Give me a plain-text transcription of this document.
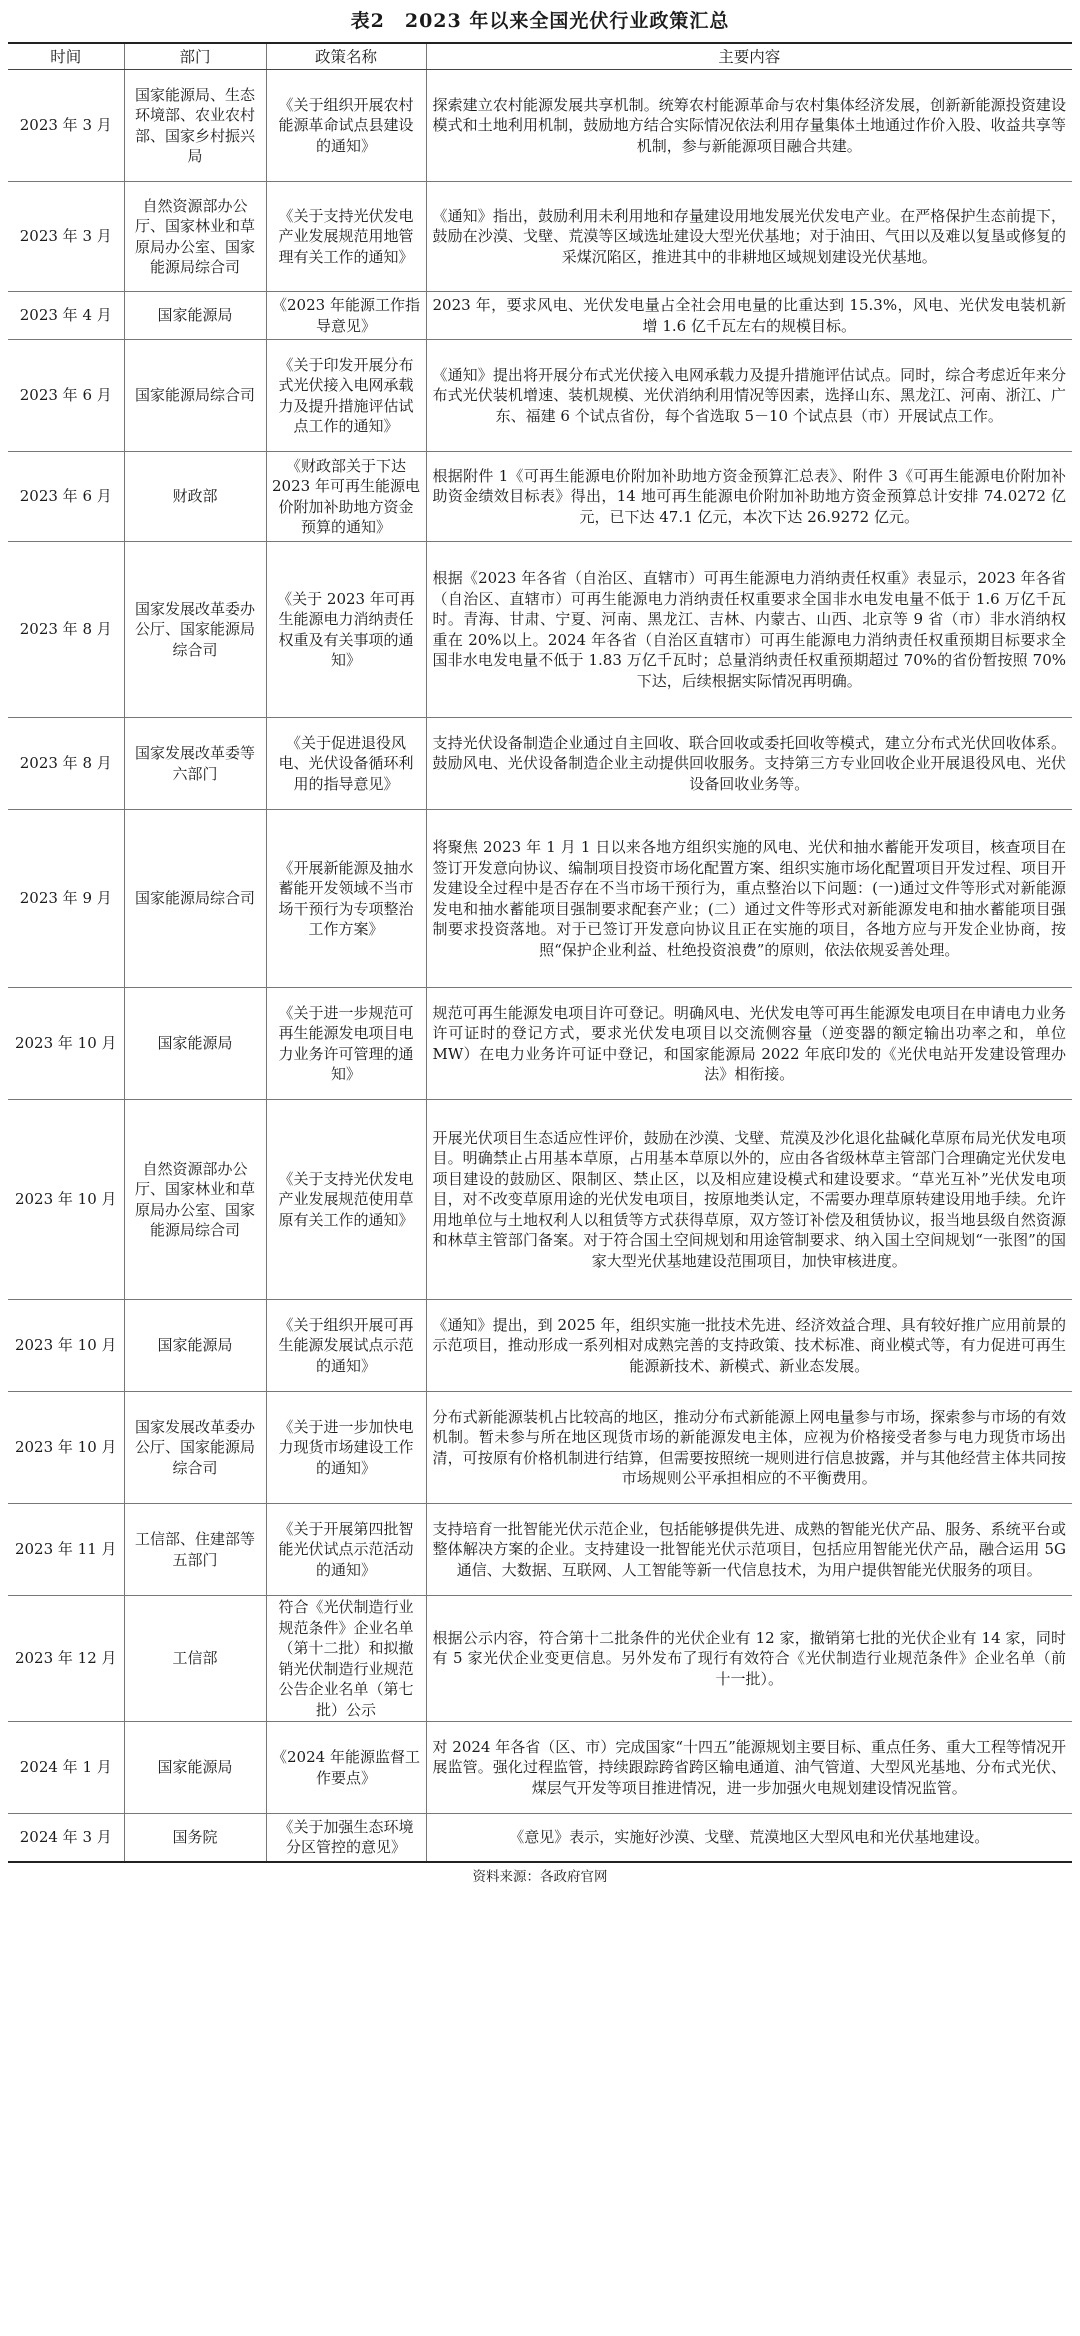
表2　2023 年以来全国光伏行业政策汇总
时间	部门	政策名称	主要内容
2023 年 3 月	国家能源局、生态环境部、农业农村部、国家乡村振兴局	《关于组织开展农村能源革命试点县建设的通知》	探索建立农村能源发展共享机制。统筹农村能源革命与农村集体经济发展，创新新能源投资建设模式和土地利用机制，鼓励地方结合实际情况依法利用存量集体土地通过作价入股、收益共享等机制，参与新能源项目融合共建。
2023 年 3 月	自然资源部办公厅、国家林业和草原局办公室、国家能源局综合司	《关于支持光伏发电产业发展规范用地管理有关工作的通知》	《通知》指出，鼓励利用未利用地和存量建设用地发展光伏发电产业。在严格保护生态前提下，鼓励在沙漠、戈壁、荒漠等区域选址建设大型光伏基地；对于油田、气田以及难以复垦或修复的采煤沉陷区，推进其中的非耕地区域规划建设光伏基地。
2023 年 4 月	国家能源局	《2023 年能源工作指导意见》	2023 年，要求风电、光伏发电量占全社会用电量的比重达到 15.3%，风电、光伏发电装机新增 1.6 亿千瓦左右的规模目标。
2023 年 6 月	国家能源局综合司	《关于印发开展分布式光伏接入电网承载力及提升措施评估试点工作的通知》	《通知》提出将开展分布式光伏接入电网承载力及提升措施评估试点。同时，综合考虑近年来分布式光伏装机增速、装机规模、光伏消纳利用情况等因素，选择山东、黑龙江、河南、浙江、广东、福建 6 个试点省份，每个省选取 5－10 个试点县（市）开展试点工作。
2023 年 6 月	财政部	《财政部关于下达 2023 年可再生能源电价附加补助地方资金预算的通知》	根据附件 1《可再生能源电价附加补助地方资金预算汇总表》、附件 3《可再生能源电价附加补助资金绩效目标表》得出，14 地可再生能源电价附加补助地方资金预算总计安排 74.0272 亿元，已下达 47.1 亿元，本次下达 26.9272 亿元。
2023 年 8 月	国家发展改革委办公厅、国家能源局综合司	《关于 2023 年可再生能源电力消纳责任权重及有关事项的通知》	根据《2023 年各省（自治区、直辖市）可再生能源电力消纳责任权重》表显示，2023 年各省（自治区、直辖市）可再生能源电力消纳责任权重要求全国非水电发电量不低于 1.6 万亿千瓦时。青海、甘肃、宁夏、河南、黑龙江、吉林、内蒙古、山西、北京等 9 省（市）非水消纳权重在 20%以上。2024 年各省（自治区直辖市）可再生能源电力消纳责任权重预期目标要求全国非水电发电量不低于 1.83 万亿千瓦时；总量消纳责任权重预期超过 70%的省份暂按照 70%下达，后续根据实际情况再明确。
2023 年 8 月	国家发展改革委等六部门	《关于促进退役风电、光伏设备循环利用的指导意见》	支持光伏设备制造企业通过自主回收、联合回收或委托回收等模式，建立分布式光伏回收体系。鼓励风电、光伏设备制造企业主动提供回收服务。支持第三方专业回收企业开展退役风电、光伏设备回收业务等。
2023 年 9 月	国家能源局综合司	《开展新能源及抽水蓄能开发领域不当市场干预行为专项整治工作方案》	将聚焦 2023 年 1 月 1 日以来各地方组织实施的风电、光伏和抽水蓄能开发项目，核查项目在签订开发意向协议、编制项目投资市场化配置方案、组织实施市场化配置项目开发过程、项目开发建设全过程中是否存在不当市场干预行为，重点整治以下问题：(一)通过文件等形式对新能源发电和抽水蓄能项目强制要求配套产业；(二）通过文件等形式对新能源发电和抽水蓄能项目强制要求投资落地。对于已签订开发意向协议且正在实施的项目，各地方应与开发企业协商，按照“保护企业利益、杜绝投资浪费”的原则，依法依规妥善处理。
2023 年 10 月	国家能源局	《关于进一步规范可再生能源发电项目电力业务许可管理的通知》	规范可再生能源发电项目许可登记。明确风电、光伏发电等可再生能源发电项目在申请电力业务许可证时的登记方式，要求光伏发电项目以交流侧容量（逆变器的额定输出功率之和，单位 MW）在电力业务许可证中登记，和国家能源局 2022 年底印发的《光伏电站开发建设管理办法》相衔接。
2023 年 10 月	自然资源部办公厅、国家林业和草原局办公室、国家能源局综合司	《关于支持光伏发电产业发展规范使用草原有关工作的通知》	开展光伏项目生态适应性评价，鼓励在沙漠、戈壁、荒漠及沙化退化盐碱化草原布局光伏发电项目。明确禁止占用基本草原，占用基本草原以外的，应由各省级林草主管部门合理确定光伏发电项目建设的鼓励区、限制区、禁止区，以及相应建设模式和建设要求。“草光互补”光伏发电项目，对不改变草原用途的光伏发电项目，按原地类认定，不需要办理草原转建设用地手续。允许用地单位与土地权利人以租赁等方式获得草原，双方签订补偿及租赁协议，报当地县级自然资源和林草主管部门备案。对于符合国土空间规划和用途管制要求、纳入国土空间规划“一张图”的国家大型光伏基地建设范围项目，加快审核进度。
2023 年 10 月	国家能源局	《关于组织开展可再生能源发展试点示范的通知》	《通知》提出，到 2025 年，组织实施一批技术先进、经济效益合理、具有较好推广应用前景的示范项目，推动形成一系列相对成熟完善的支持政策、技术标准、商业模式等，有力促进可再生能源新技术、新模式、新业态发展。
2023 年 10 月	国家发展改革委办公厅、国家能源局综合司	《关于进一步加快电力现货市场建设工作的通知》	分布式新能源装机占比较高的地区，推动分布式新能源上网电量参与市场，探索参与市场的有效机制。暂未参与所在地区现货市场的新能源发电主体，应视为价格接受者参与电力现货市场出清，可按原有价格机制进行结算，但需要按照统一规则进行信息披露，并与其他经营主体共同按市场规则公平承担相应的不平衡费用。
2023 年 11 月	工信部、住建部等五部门	《关于开展第四批智能光伏试点示范活动的通知》	支持培育一批智能光伏示范企业，包括能够提供先进、成熟的智能光伏产品、服务、系统平台或整体解决方案的企业。支持建设一批智能光伏示范项目，包括应用智能光伏产品，融合运用 5G 通信、大数据、互联网、人工智能等新一代信息技术，为用户提供智能光伏服务的项目。
2023 年 12 月	工信部	符合《光伏制造行业规范条件》企业名单（第十二批）和拟撤销光伏制造行业规范公告企业名单（第七批）公示	根据公示内容，符合第十二批条件的光伏企业有 12 家，撤销第七批的光伏企业有 14 家，同时有 5 家光伏企业变更信息。另外发布了现行有效符合《光伏制造行业规范条件》企业名单（前十一批）。
2024 年 1 月	国家能源局	《2024 年能源监督工作要点》	对 2024 年各省（区、市）完成国家“十四五”能源规划主要目标、重点任务、重大工程等情况开展监管。强化过程监管，持续跟踪跨省跨区输电通道、油气管道、大型风光基地、分布式光伏、煤层气开发等项目推进情况，进一步加强火电规划建设情况监管。
2024 年 3 月	国务院	《关于加强生态环境分区管控的意见》	《意见》表示，实施好沙漠、戈壁、荒漠地区大型风电和光伏基地建设。
资料来源：各政府官网
